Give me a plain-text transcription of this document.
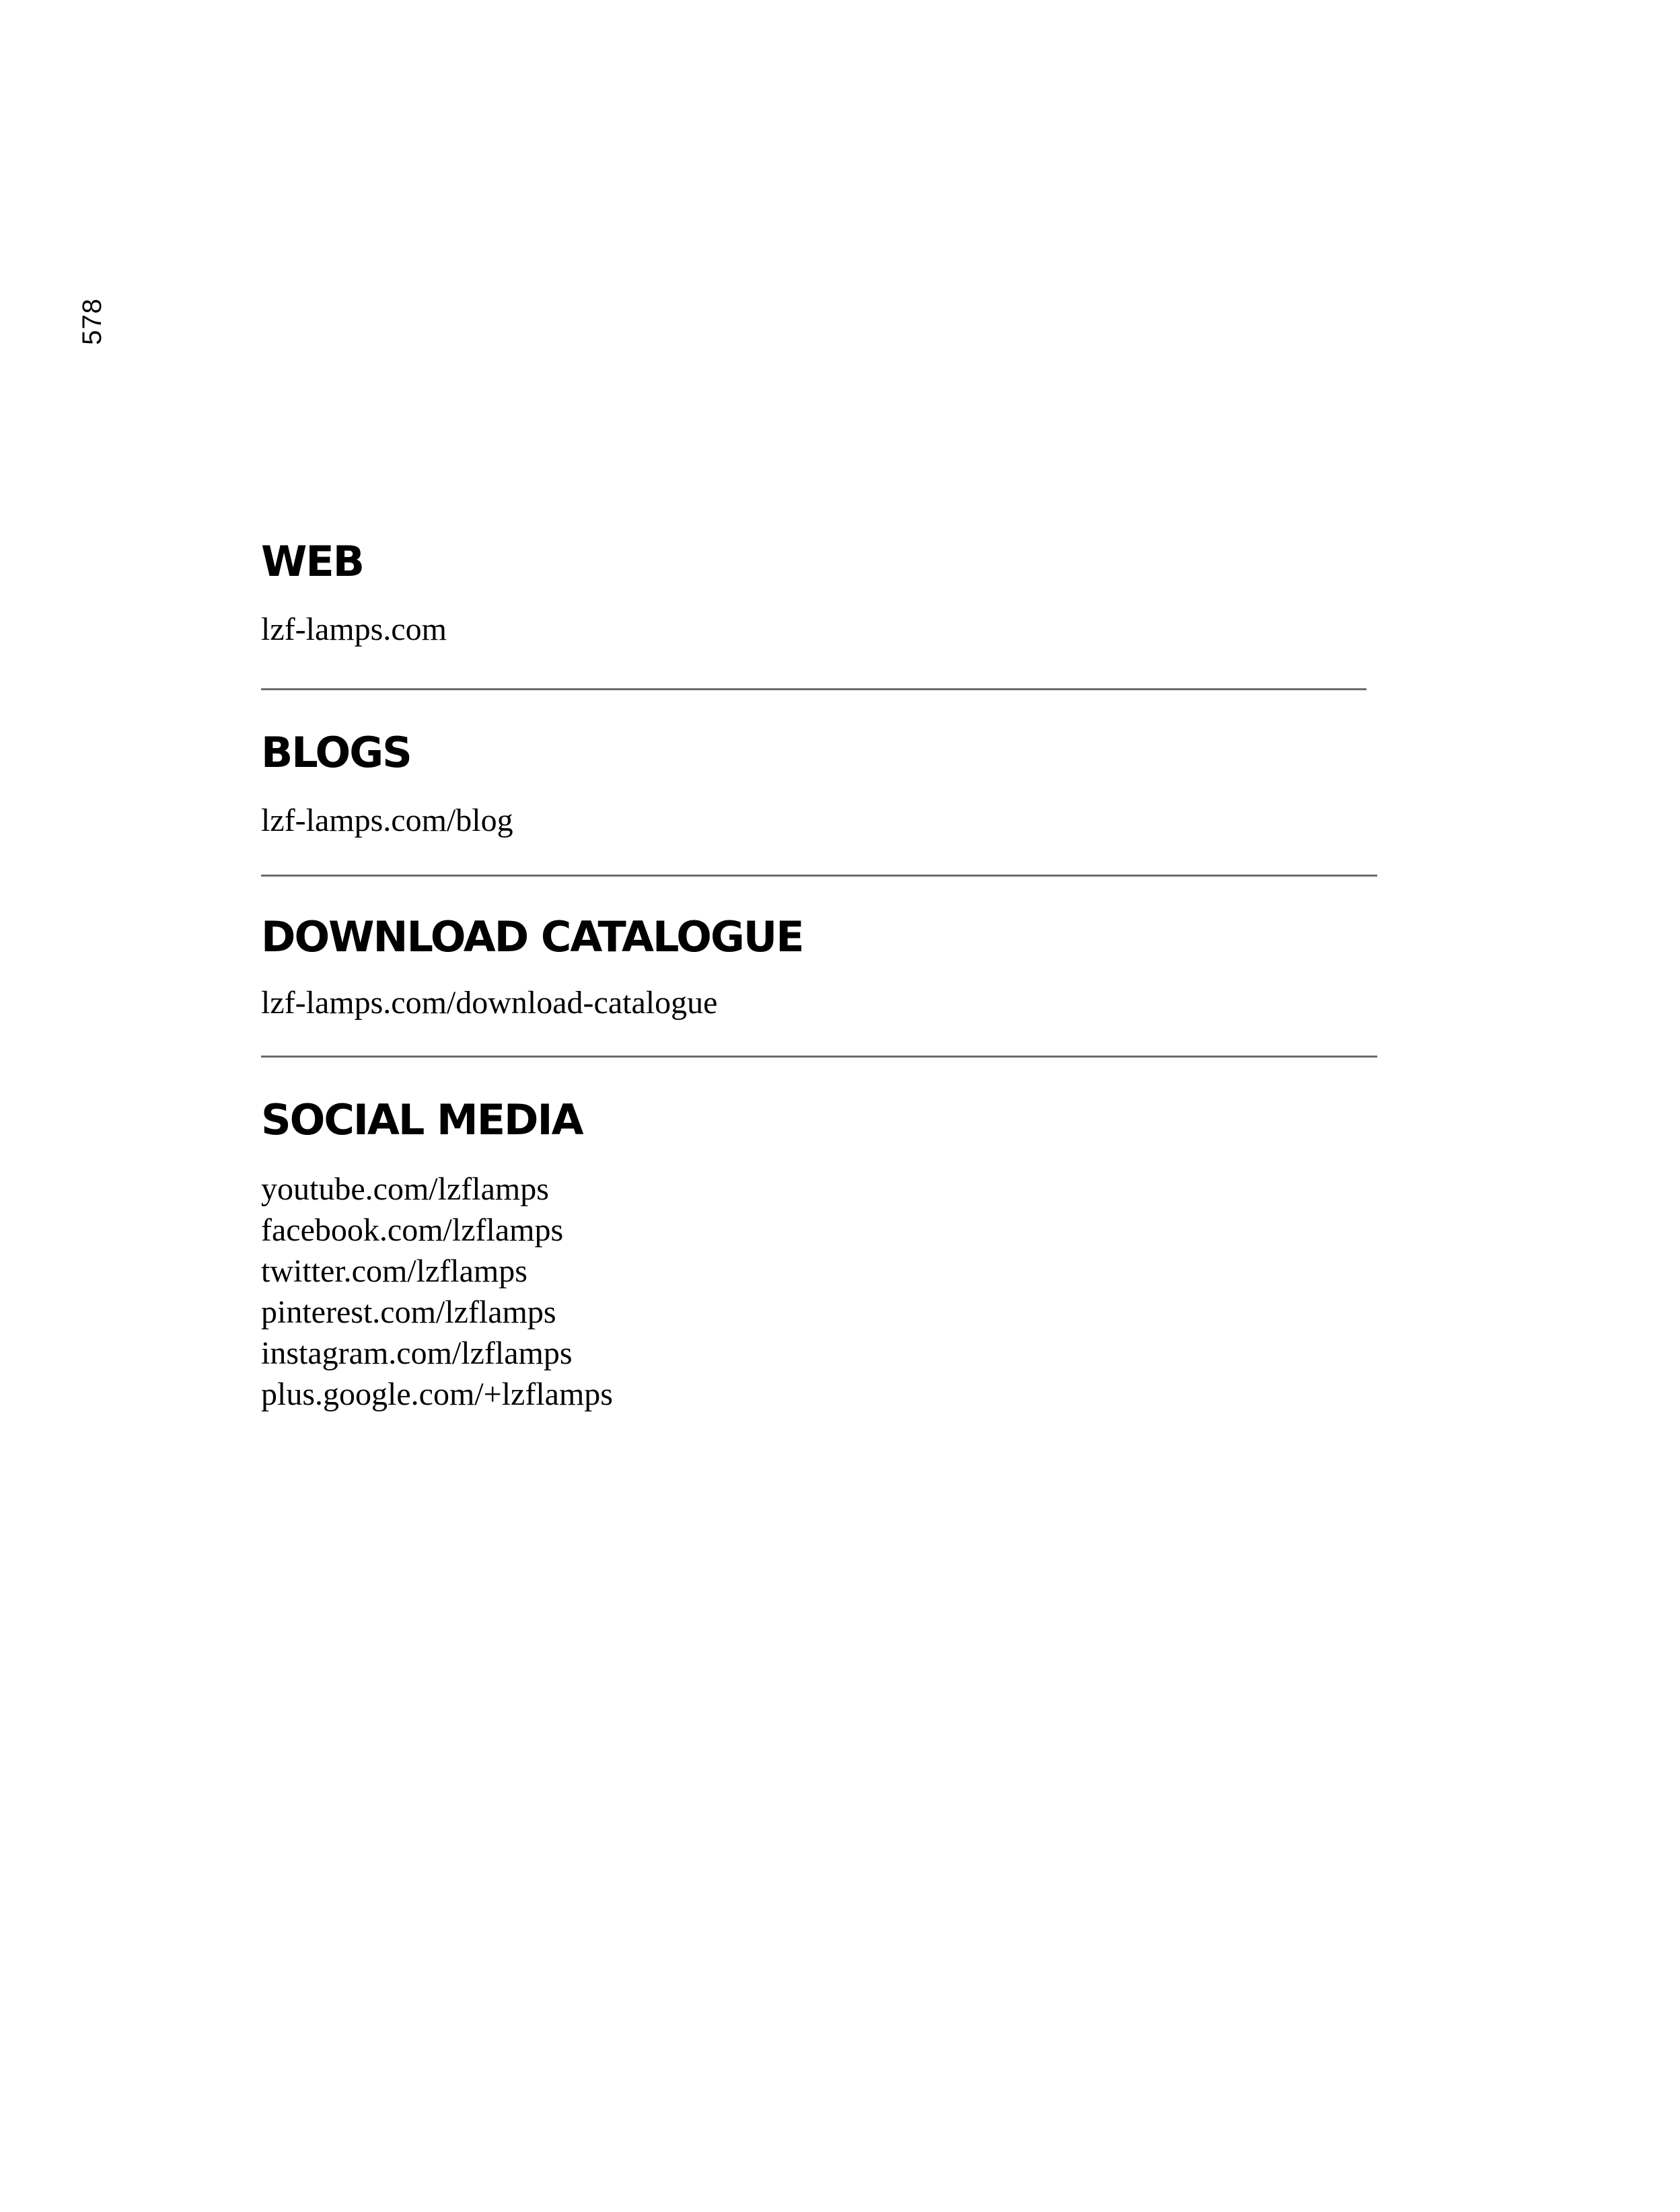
578
WEB
lzf-lamps.com
BLOGS
lzf-lamps.com/blog
DOWNLOAD CATALOGUE
lzf-lamps.com/download-catalogue
SOCIAL MEDIA
youtube.com/lzflamps
facebook.com/lzflamps
twitter.com/lzflamps
pinterest.com/lzflamps
instagram.com/lzflamps
plus.google.com/+lzflamps
